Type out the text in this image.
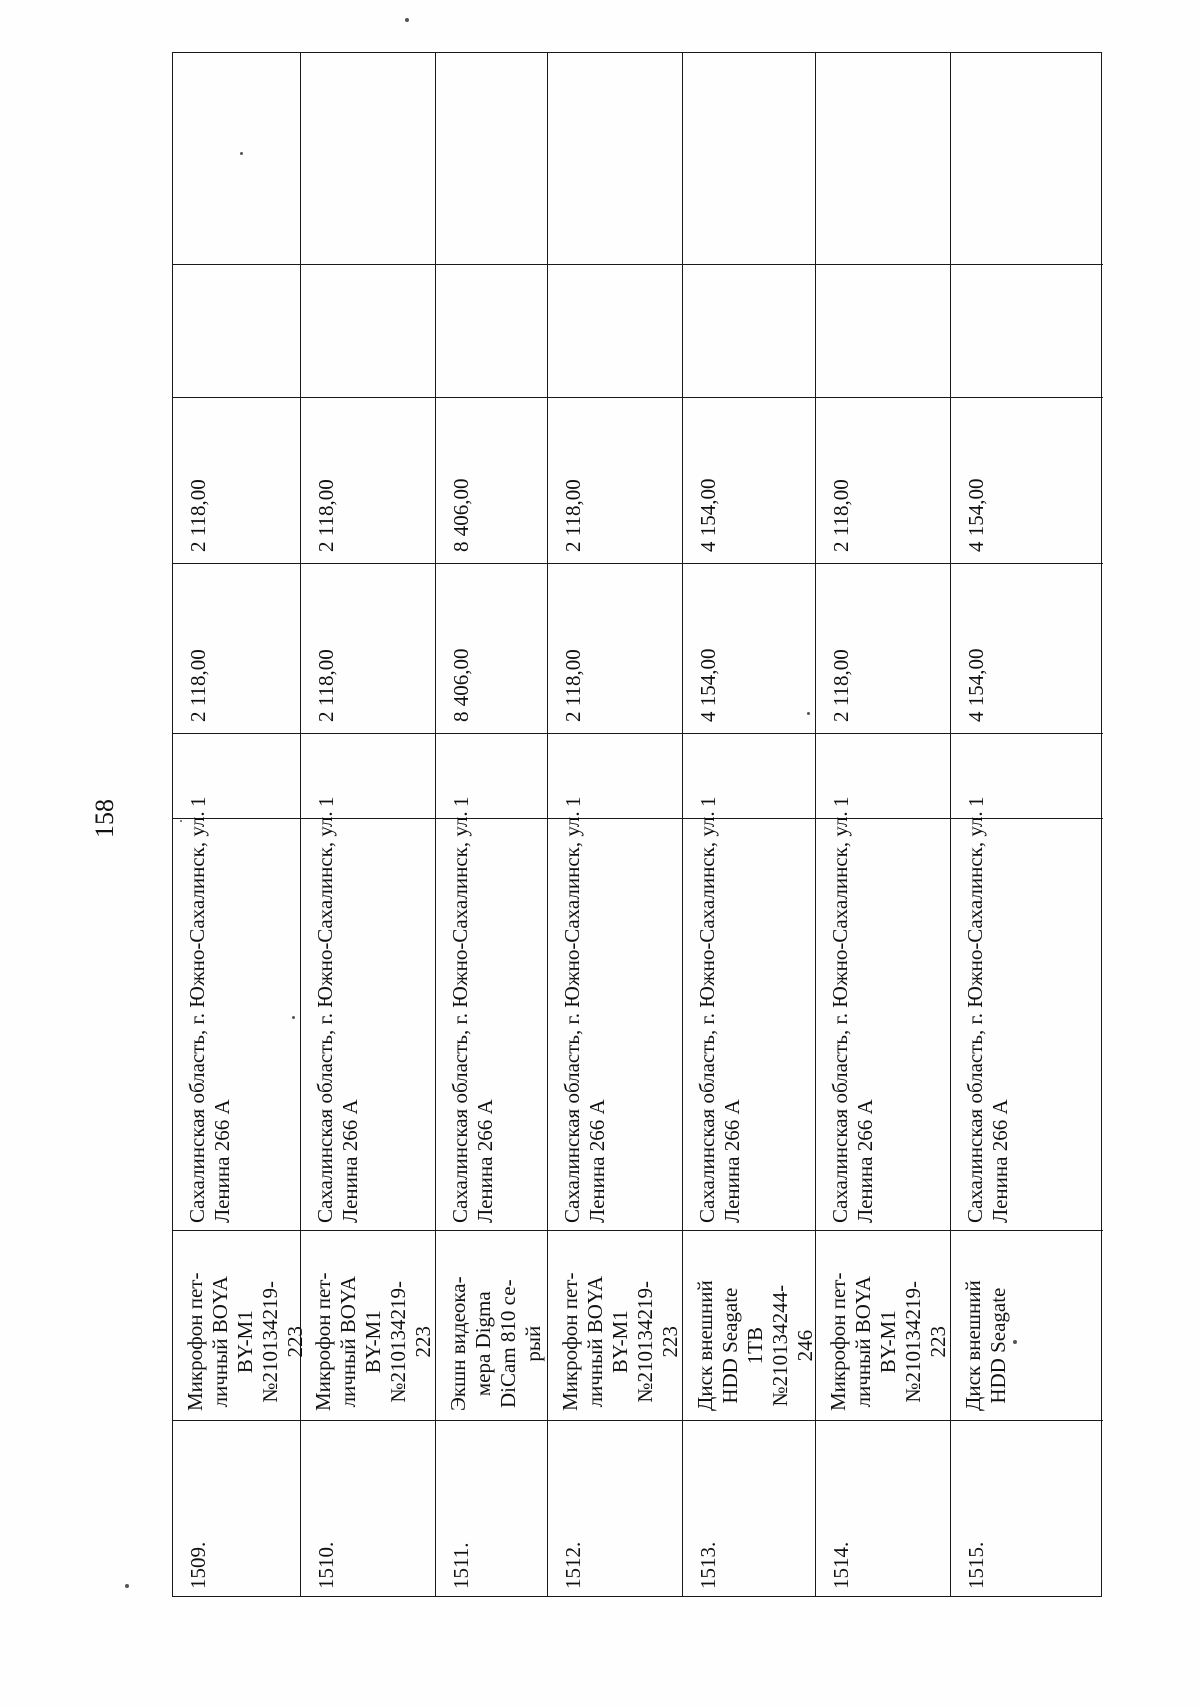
158
2 118,00
2 118,00
1
Сахалинская область, г. Южно-Сахалинск, ул. Ленина 266 А
Микрофон пет- личный BOYA BY-M1 №210134219- 223
1509.
2 118,00
2 118,00
1
Сахалинская область, г. Южно-Сахалинск, ул. Ленина 266 А
Микрофон пет- личный BOYA BY-M1 №210134219- 223
1510.
8 406,00
8 406,00
1
Сахалинская область, г. Южно-Сахалинск, ул. Ленина 266 А
Экшн видеока- мера Digma DiCam 810 се- рый
1511.
2 118,00
2 118,00
1
Сахалинская область, г. Южно-Сахалинск, ул. Ленина 266 А
Микрофон пет- личный BOYA BY-M1 №210134219- 223
1512.
4 154,00
4 154,00
1
Сахалинская область, г. Южно-Сахалинск, ул. Ленина 266 А
Диск внешний HDD Seagate 1TB №210134244- 246
1513.
2 118,00
2 118,00
1
Сахалинская область, г. Южно-Сахалинск, ул. Ленина 266 А
Микрофон пет- личный BOYA BY-M1 №210134219- 223
1514.
4 154,00
4 154,00
1
Сахалинская область, г. Южно-Сахалинск, ул. Ленина 266 А
Диск внешний HDD Seagate
1515.
